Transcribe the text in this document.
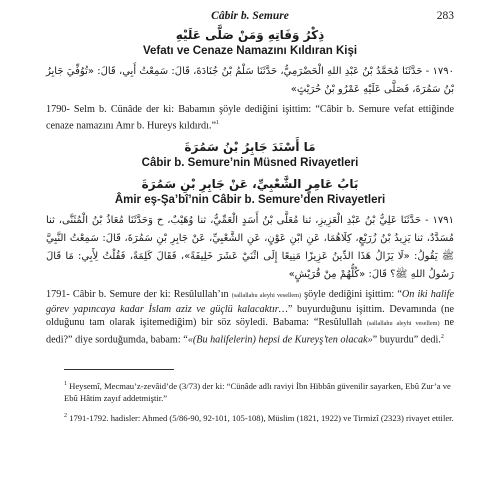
Câbir b. Semure	283
ذِكْرُ وَفَاتِهِ وَمَنْ صَلَّى عَلَيْهِ
Vefatı ve Cenaze Namazını Kıldıran Kişi
١٧٩٠ - حَدَّثَنَا مُحَمَّدُ بْنُ عَبْدِ اللهِ الْحَضْرَمِيُّ، حَدَّثَنَا سَلْمُ بْنُ جُنَادَةَ، قَالَ: سَمِعْتُ أَبِي، قَالَ: «تُوُفِّيَ جَابِرُ بْنُ سَمُرَةَ، فَصَلَّى عَلَيْهِ عَمْرُو بْنُ حُرَيْثٍ»

1790- Selm b. Cünâde der ki: Babamın şöyle dediğini işittim: “Câbir b. Semure vefat ettiğinde cenaze namazını Amr b. Hureys kıldırdı.”$^1$

مَا أَسْنَدَ جَابِرُ بْنُ سَمُرَةَ
Câbir b. Semure’nin Müsned Rivayetleri
بَابُ عَامِرٍ الشَّعْبِيِّ، عَنْ جَابِرِ بْنِ سَمُرَةَ
Âmir eş-Şa’bî’nin Câbir b. Semure’den Rivayetleri
١٧٩١ - حَدَّثَنَا عَلِيُّ بْنُ عَبْدِ الْعَزِيزِ، ثنا مُعَلَّى بْنُ أَسَدٍ الْعَمِّيُّ، ثنا وُهَيْبٌ، ح وَحَدَّثَنَا مُعَاذُ بْنُ الْمُثَنَّى، ثنا مُسَدَّدٌ، ثنا يَزِيدُ بْنُ زُرَيْعٍ، كِلَاهُمَا، عَنِ ابْنِ عَوْنٍ، عَنِ الشَّعْبِيِّ، عَنْ جَابِرِ بْنِ سَمُرَةَ، قَالَ: سَمِعْتُ النَّبِيَّ ﷺ يَقُولُ: «لَا يَزَالُ هَذَا الدِّينُ عَزِيزًا مَنِيعًا إِلَى اثْنَيْ عَشَرَ خَلِيفَةً»، فَقَالَ كَلِمَةً، فَقُلْتُ لِأَبِي: مَا قَالَ رَسُولُ اللهِ ﷺ؟ قَالَ: «كُلُّهُمْ مِنْ قُرَيْشٍ»

1791- Câbir b. Semure der ki: Resûlullah’ın (sallallahu aleyhi vesellem) şöyle dediğini işittim: “On iki halife görev yapıncaya kadar İslam aziz ve güçlü kalacaktır…” buyurduğunu işittim. Devamında (ne olduğunu tam olarak işitemediğim) bir söz söyledi. Babama: “Resûlullah (sallallahu aleyhi vesellem) ne dedi?” diye sorduğumda, babam: “«(Bu halifelerin) hepsi de Kureyş’ten olacak»” buyurdu” dedi.$^2$

$^1$ Heysemî, Mecmau’z-zevâid’de (3/73) der ki: “Cünâde adlı raviyi İbn Hibbân güvenilir sayarken, Ebû Zur’a ve Ebû Hâtim zayıf addetmiştir.”

$^2$ 1791-1792. hadisler: Ahmed (5/86-90, 92-101, 105-108), Müslim (1821, 1922) ve Tirmizî (2323) rivayet ettiler.
